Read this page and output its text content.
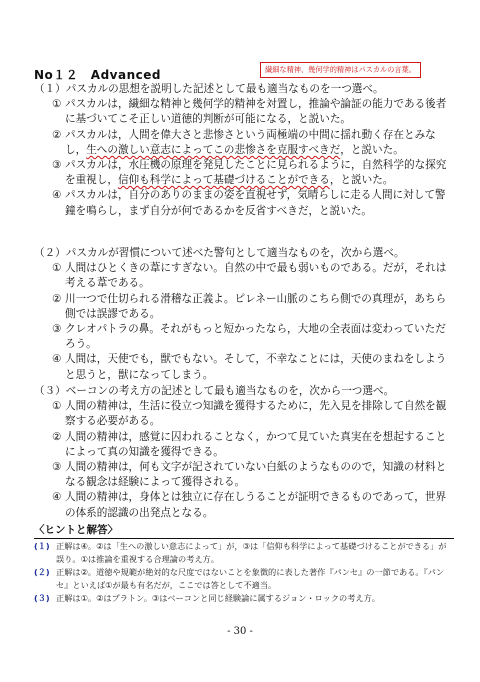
No１２　Advanced	繊細な精神、幾何学的精神はパスカルの言葉。
（１）パスカルの思想を説明した記述として最も適当なものを一つ選べ。
① パスカルは，繊細な精神と幾何学的精神を対置し，推論や論証の能力である後者に基づいてこそ正しい道徳的判断が可能になる，と説いた。
② パスカルは，人間を偉大さと悲惨さという両極端の中間に揺れ動く存在とみなし，生への激しい意志によってこの悲惨さを克服すべきだ，と説いた。
③ パスカルは，水圧機の原理を発見したことに見られるように，自然科学的な探究を重視し，信仰も科学によって基礎づけることができる，と説いた。
④ パスカルは，自分のありのままの姿を直視せず，気晴らしに走る人間に対して警鐘を鳴らし，まず自分が何であるかを反省すべきだ，と説いた。
（２）パスカルが習慣について述べた警句として適当なものを，次から選べ。
① 人間はひとくきの葦にすぎない。自然の中で最も弱いものである。だが，それは考える葦である。
② 川一つで仕切られる滑稽な正義よ。ピレネー山脈のこちら側での真理が，あちら側では誤謬である。
③ クレオパトラの鼻。それがもっと短かったなら，大地の全表面は変わっていただろう。
④ 人間は，天使でも，獣でもない。そして，不幸なことには，天使のまねをしようと思うと，獣になってしまう。
（３）ベーコンの考え方の記述として最も適当なものを，次から一つ選べ。
① 人間の精神は，生活に役立つ知識を獲得するために，先入見を排除して自然を観察する必要がある。
② 人間の精神は，感覚に囚われることなく，かつて見ていた真実在を想起することによって真の知識を獲得できる。
③ 人間の精神は，何も文字が記されていない白紙のようなものので，知識の材料となる観念は経験によって獲得される。
④ 人間の精神は，身体とは独立に存在しうることが証明できるものであって，世界の体系的認識の出発点となる。
〈ヒントと解答〉
(１) 正解は④。②は「生への激しい意志によって」が，③は「信仰も科学によって基礎づけることができる」が誤り。①は推論を重視する合理論の考え方。
(２) 正解は②。道徳や規範が絶対的な尺度ではないことを象徴的に表した著作『パンセ』の一節である。『パンセ』といえば①が最も有名だが，ここでは答として不適当。
(３) 正解は①。②はプラトン。③はベーコンと同じ経験論に属するジョン・ロックの考え方。
- 30 -
